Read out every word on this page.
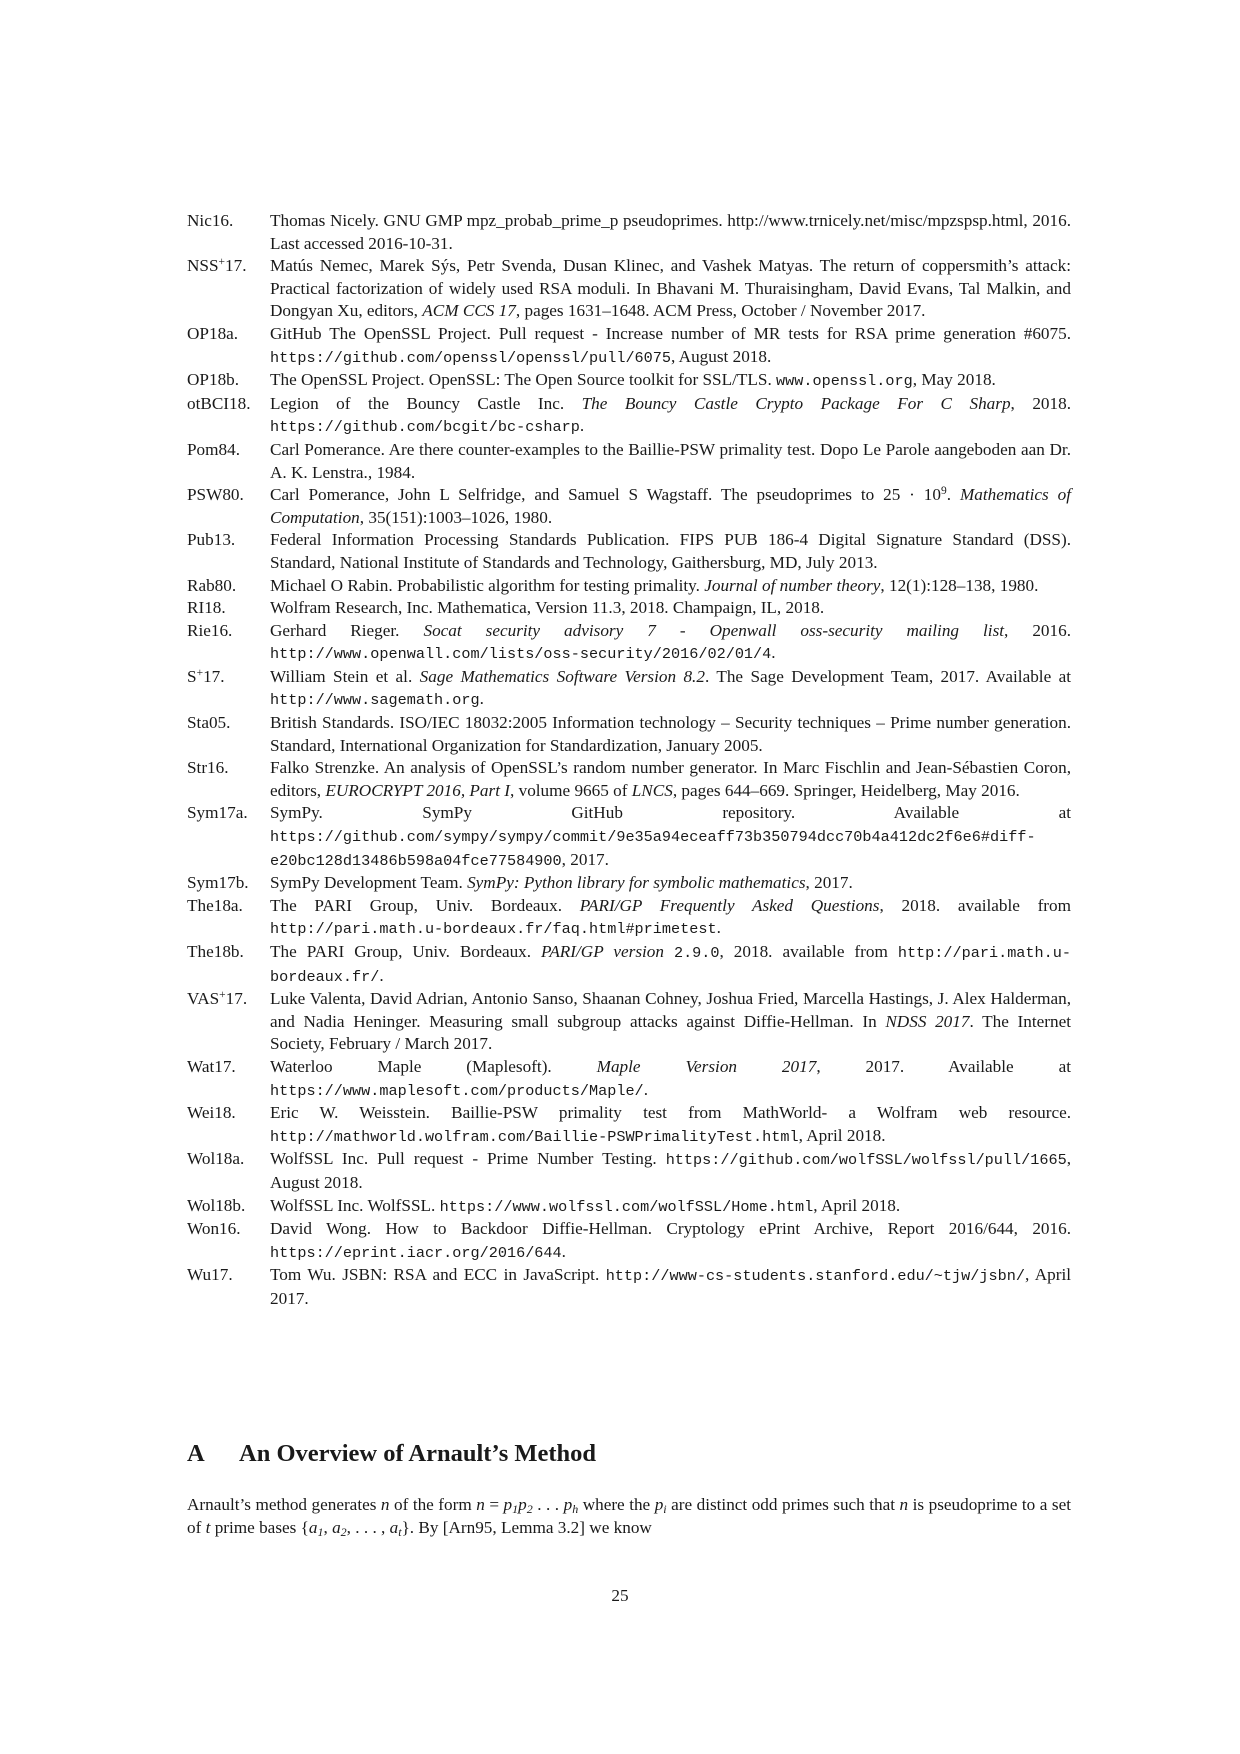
Nic16. Thomas Nicely. GNU GMP mpz_probab_prime_p pseudoprimes. http://www.trnicely.net/misc/mpzspsp.html, 2016. Last accessed 2016-10-31.
NSS+17. Matús Nemec, Marek Sýs, Petr Svenda, Dusan Klinec, and Vashek Matyas. The return of coppersmith’s attack: Practical factorization of widely used RSA moduli. In Bhavani M. Thuraisingham, David Evans, Tal Malkin, and Dongyan Xu, editors, ACM CCS 17, pages 1631–1648. ACM Press, October / November 2017.
OP18a. GitHub The OpenSSL Project. Pull request - Increase number of MR tests for RSA prime generation #6075. https://github.com/openssl/openssl/pull/6075, August 2018.
OP18b. The OpenSSL Project. OpenSSL: The Open Source toolkit for SSL/TLS. www.openssl.org, May 2018.
otBCI18. Legion of the Bouncy Castle Inc. The Bouncy Castle Crypto Package For C Sharp, 2018. https://github.com/bcgit/bc-csharp.
Pom84. Carl Pomerance. Are there counter-examples to the Baillie-PSW primality test. Dopo Le Parole aangeboden aan Dr. A. K. Lenstra., 1984.
PSW80. Carl Pomerance, John L Selfridge, and Samuel S Wagstaff. The pseudoprimes to $25 \cdot 10^9$. Mathematics of Computation, 35(151):1003–1026, 1980.
Pub13. Federal Information Processing Standards Publication. FIPS PUB 186-4 Digital Signature Standard (DSS). Standard, National Institute of Standards and Technology, Gaithersburg, MD, July 2013.
Rab80. Michael O Rabin. Probabilistic algorithm for testing primality. Journal of number theory, 12(1):128–138, 1980.
RI18.	Wolfram Research, Inc. Mathematica, Version 11.3, 2018. Champaign, IL, 2018.
Rie16. Gerhard Rieger. Socat security advisory 7 - Openwall oss-security mailing list, 2016. http://www.openwall.com/lists/oss-security/2016/02/01/4.
S+17.	William Stein et al. Sage Mathematics Software Version 8.2. The Sage Development Team, 2017. Available at http://www.sagemath.org.
Sta05. British Standards. ISO/IEC 18032:2005 Information technology – Security techniques – Prime number generation. Standard, International Organization for Standardization, January 2005.
Str16. Falko Strenzke. An analysis of OpenSSL’s random number generator. In Marc Fischlin and Jean-Sébastien Coron, editors, EUROCRYPT 2016, Part I, volume 9665 of LNCS, pages 644–669. Springer, Heidelberg, May 2016.
Sym17a. SymPy. SymPy GitHub repository. Available at https://github.com/sympy/sympy/commit/9e35a94eceaff73b350794dcc70b4a412dc2f6e6#diff-e20bc128d13486b598a04fce77584900, 2017.
Sym17b. SymPy Development Team. SymPy: Python library for symbolic mathematics, 2017.
The18a. The PARI Group, Univ. Bordeaux. PARI/GP Frequently Asked Questions, 2018. available from http://pari.math.u-bordeaux.fr/faq.html#primetest.
The18b. The PARI Group, Univ. Bordeaux. PARI/GP version 2.9.0, 2018. available from http://pari.math.u-bordeaux.fr/.
VAS+17. Luke Valenta, David Adrian, Antonio Sanso, Shaanan Cohney, Joshua Fried, Marcella Hastings, J. Alex Halderman, and Nadia Heninger. Measuring small subgroup attacks against Diffie-Hellman. In NDSS 2017. The Internet Society, February / March 2017.
Wat17. Waterloo Maple (Maplesoft). Maple Version 2017, 2017. Available at https://www.maplesoft.com/products/Maple/.
Wei18. Eric W. Weisstein. Baillie-PSW primality test from MathWorld- a Wolfram web resource. http://mathworld.wolfram.com/Baillie-PSWPrimalityTest.html, April 2018.
Wol18a. WolfSSL Inc. Pull request - Prime Number Testing. https://github.com/wolfSSL/wolfssl/pull/1665, August 2018.
Wol18b. WolfSSL Inc. WolfSSL. https://www.wolfssl.com/wolfSSL/Home.html, April 2018.
Won16. David Wong. How to Backdoor Diffie-Hellman. Cryptology ePrint Archive, Report 2016/644, 2016. https://eprint.iacr.org/2016/644.
Wu17. Tom Wu. JSBN: RSA and ECC in JavaScript. http://www-cs-students.stanford.edu/~tjw/jsbn/, April 2017.
A An Overview of Arnault’s Method

Arnault’s method generates n of the form $n = p_1p_2$ . . . $p_h$ where the $p_i$ are distinct odd primes such that n is pseudoprime to a set of t prime bases {$a_1$, $a_2$, . . . , $a_t$}. By [Arn95, Lemma 3.2] we know

25
